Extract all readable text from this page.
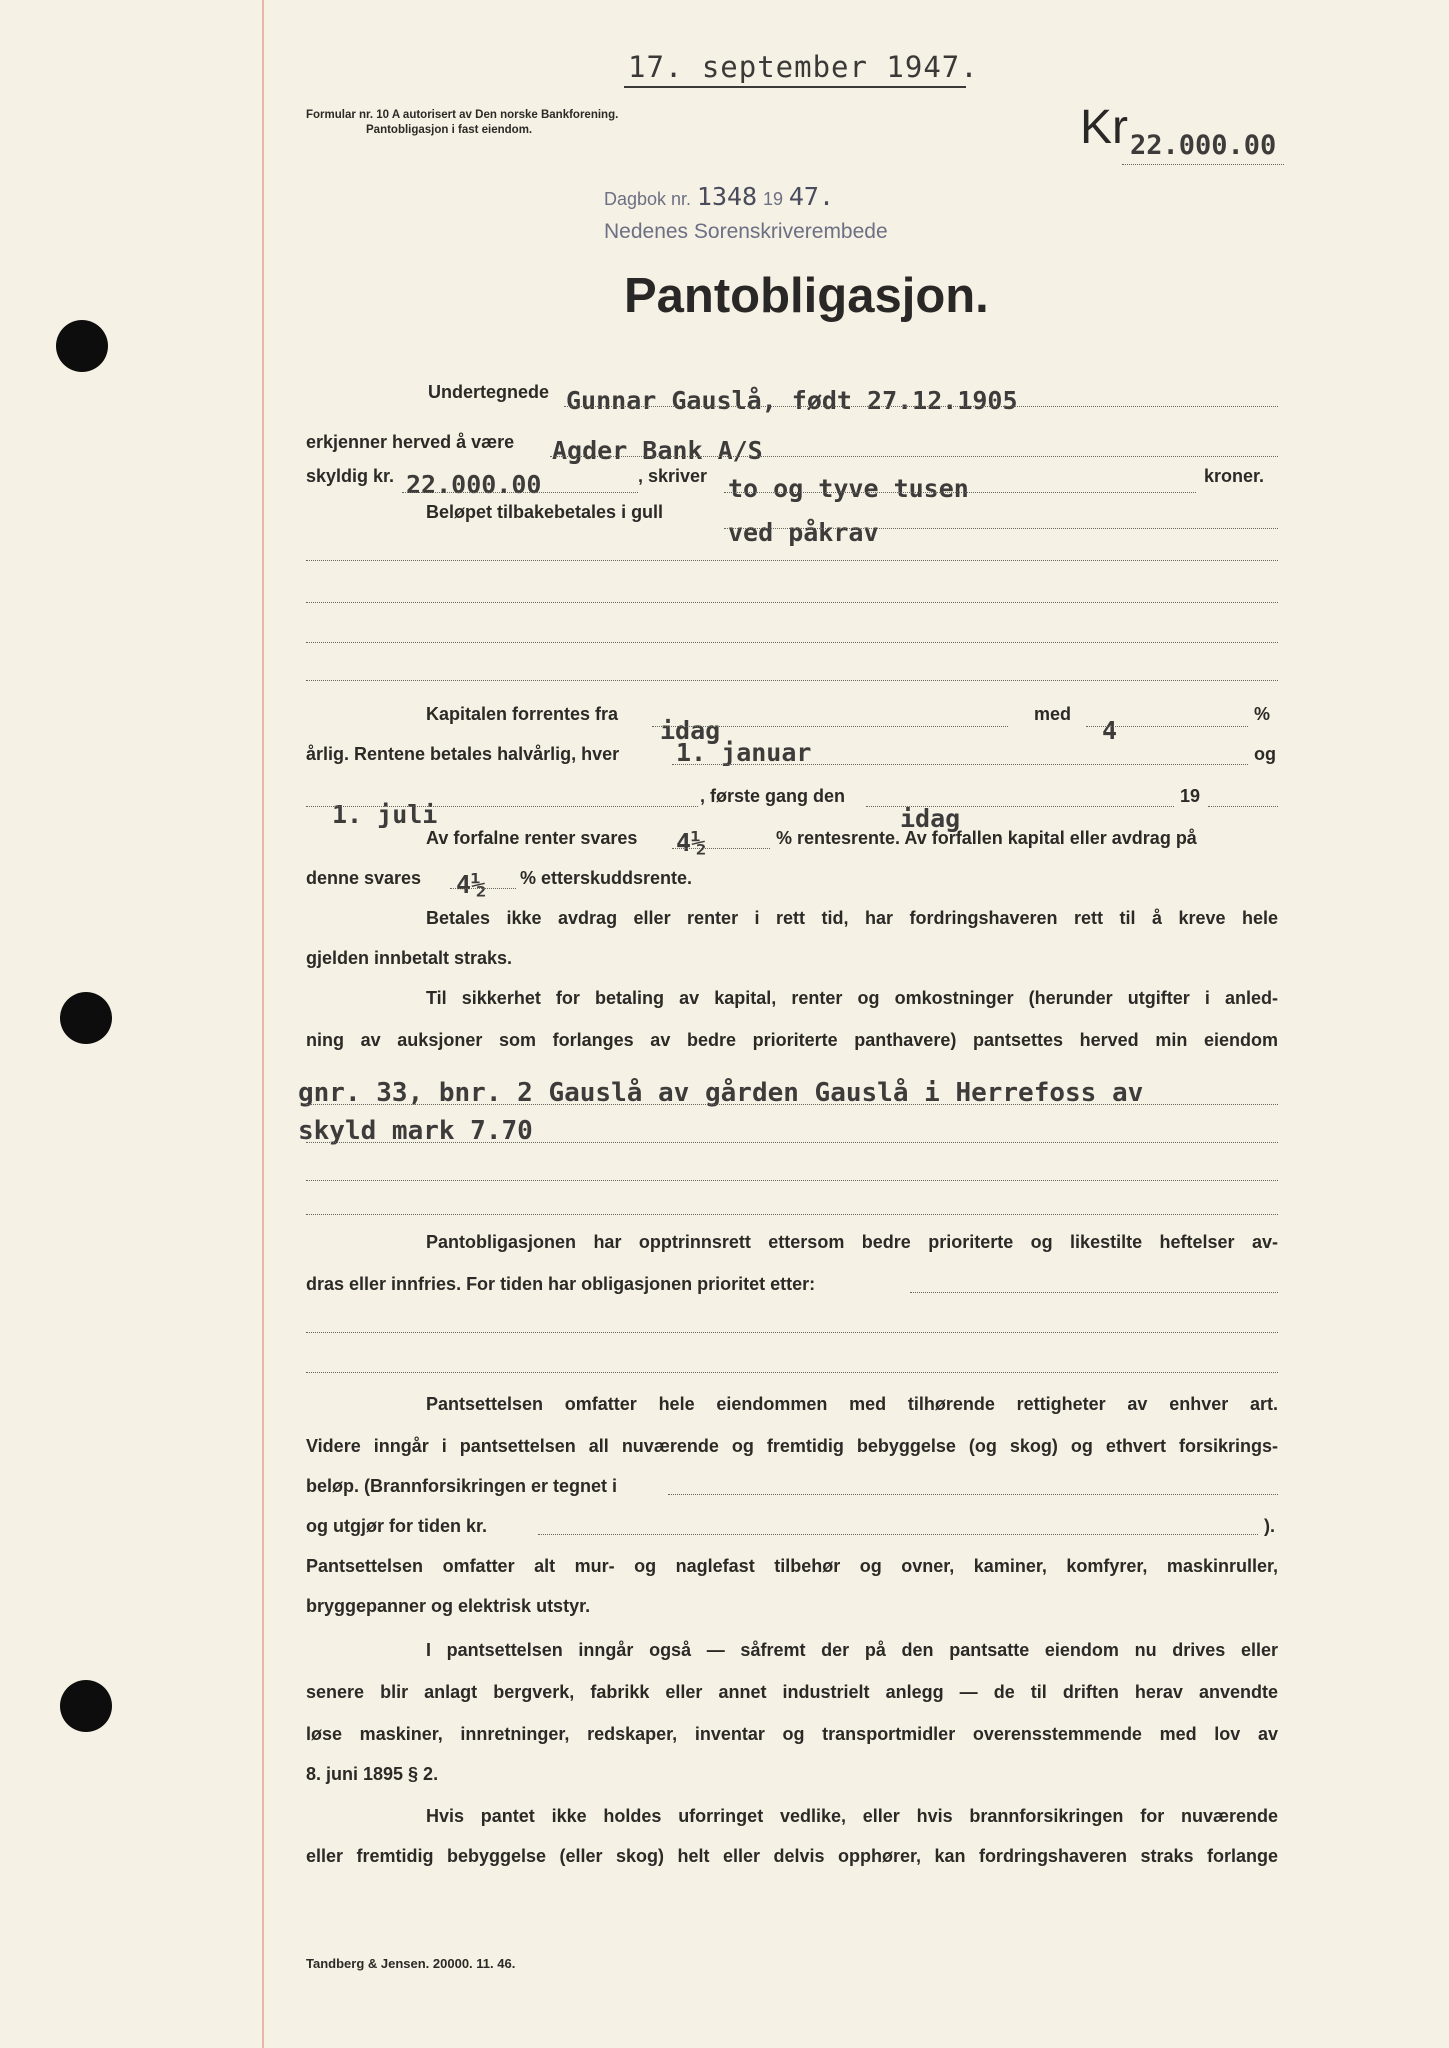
17. september 1947.
Formular nr. 10 A autorisert av Den norske Bankforening.
Pantobligasjon i fast eiendom.	Kr 22.000.00
Dagbok nr. 1348 19 47.
Nedenes Sorenskriverembede
Pantobligasjon.
Undertegnede Gunnar Gauslå, født 27.12.1905
erkjenner herved å være Agder Bank A/S
skyldig kr. 22.000.00	, skriver to og tyve tusen	kroner.
Beløpet tilbakebetales i gull
ved påkrav
Kapitalen forrentes fra
idag
med
4
%
årlig. Rentene betales halvårlig, hver 1. januar	og
1. juli
, første gang den
idag
19
Av forfalne renter svares 4½	% rentesrente. Av forfallen kapital eller avdrag på
denne svares 4½ % etterskuddsrente.
Betales ikke avdrag eller renter i rett tid, har fordringshaveren rett til å kreve hele
gjelden innbetalt straks.
Til sikkerhet for betaling av kapital, renter og omkostninger (herunder utgifter i anled-
ning av auksjoner som forlanges av bedre prioriterte panthavere) pantsettes herved min eiendom
gnr. 33, bnr. 2 Gauslå av gården Gauslå i Herrefoss av
skyld mark 7.70
Pantobligasjonen har opptrinnsrett ettersom bedre prioriterte og likestilte heftelser av-
dras eller innfries. For tiden har obligasjonen prioritet etter:
Pantsettelsen omfatter hele eiendommen med tilhørende rettigheter av enhver art.
Videre inngår i pantsettelsen all nuværende og fremtidig bebyggelse (og skog) og ethvert forsikrings-
beløp. (Brannforsikringen er tegnet i
og utgjør for tiden kr.	).
Pantsettelsen omfatter alt mur- og naglefast tilbehør og ovner, kaminer, komfyrer, maskinruller,
bryggepanner og elektrisk utstyr.
I pantsettelsen inngår også — såfremt der på den pantsatte eiendom nu drives eller
senere blir anlagt bergverk, fabrikk eller annet industrielt anlegg — de til driften herav anvendte
løse maskiner, innretninger, redskaper, inventar og transportmidler overensstemmende med lov av
8. juni 1895 § 2.
Hvis pantet ikke holdes uforringet vedlike, eller hvis brannforsikringen for nuværende
eller fremtidig bebyggelse (eller skog) helt eller delvis opphører, kan fordringshaveren straks forlange
Tandberg & Jensen. 20000. 11. 46.
